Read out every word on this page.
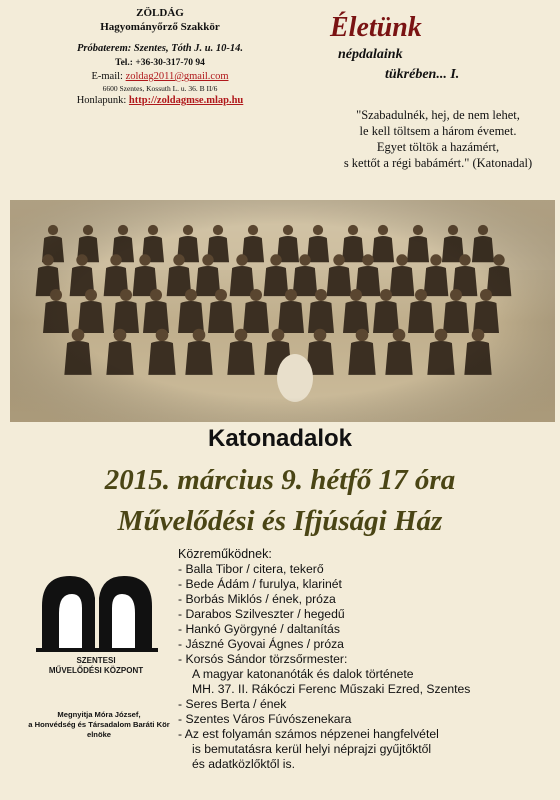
ZÖLDÁG
Hagyományőrző Szakkör
Próbaterem: Szentes, Tóth J. u. 10-14.
Tel.: +36-30-317-70 94
E-mail: zoldag2011@gmail.com
6600 Szentes, Kossuth L. u. 36. B II/6
Honlapunk: http://zoldagmse.mlap.hu
Életünk
népdalaink
tükrében... I.
"Szabadulnék, hej, de nem lehet,
le kell töltsem a három évemet.
Egyet töltök a hazámért,
s kettőt a régi babámért." (Katonadal)
Katonadalok
2015. március 9. hétfő 17 óra
Művelődési és Ifjúsági Ház
SZENTESI
MŰVELŐDÉSI KÖZPONT
Megnyitja Móra József,
a Honvédség és Társadalom Baráti Kör
elnöke
Közreműködnek:
- Balla Tibor / citera, tekerő
- Bede Ádám / furulya, klarinét
- Borbás Miklós / ének, próza
- Darabos Szilveszter / hegedű
- Hankó Györgyné / daltanítás
- Jászné Gyovai Ágnes / próza
- Korsós Sándor törzsőrmester:
A magyar katonanóták és dalok története
MH. 37. II. Rákóczi Ferenc Műszaki Ezred, Szentes
- Seres Berta / ének
- Szentes Város Fúvószenekara
- Az est folyamán számos népzenei hangfelvétel
is bemutatásra kerül helyi néprajzi gyűjtőktől
és adatközlőktől is.
